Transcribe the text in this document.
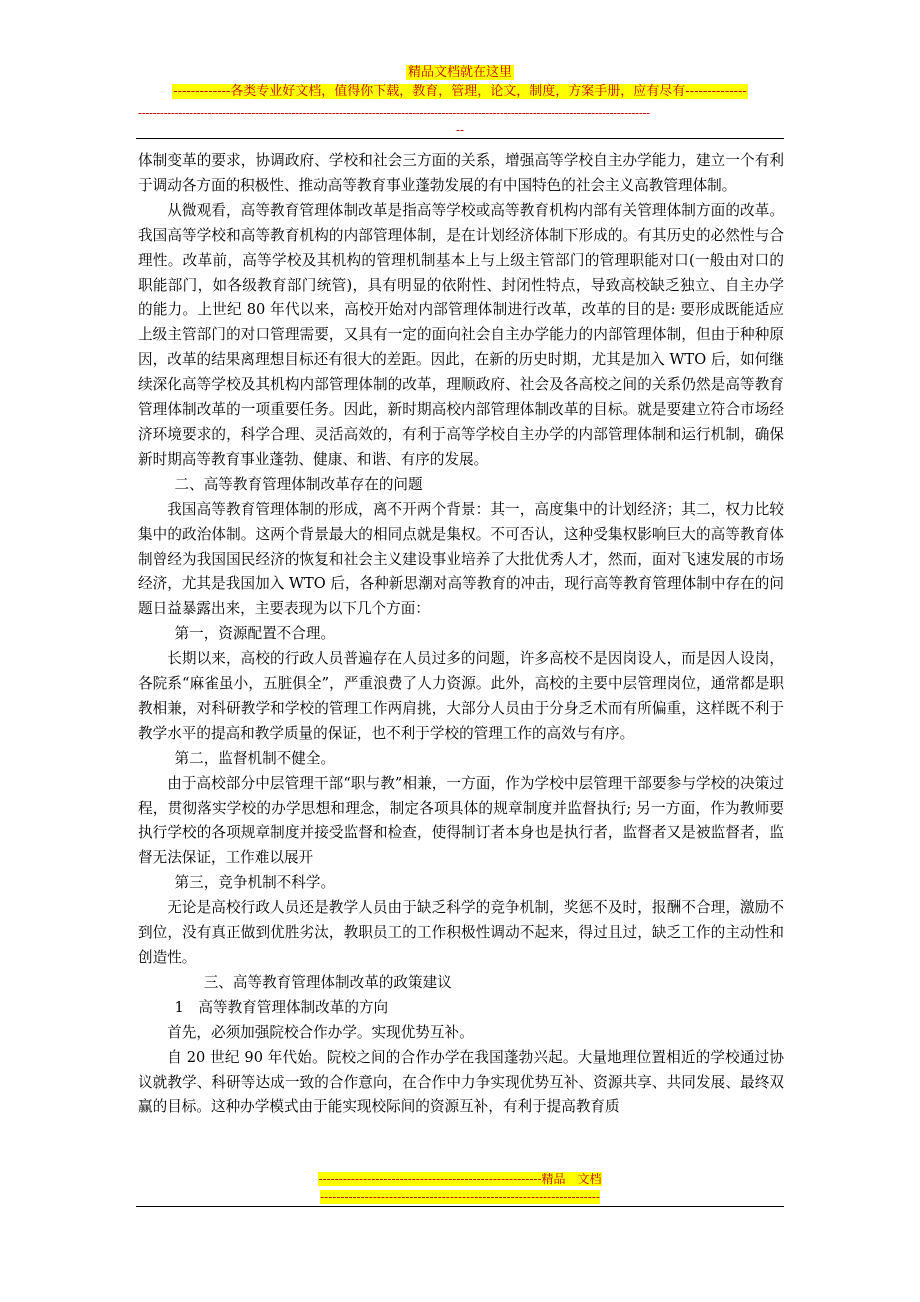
精品文档就在这里
-------------各类专业好文档，值得你下载，教育，管理，论文，制度，方案手册，应有尽有--------------
--------------------------------------------------------------------------------------------------------------------------------------------
--

体制变革的要求，协调政府、学校和社会三方面的关系，增强高等学校自主办学能力，建立一个有利于调动各方面的积极性、推动高等教育事业蓬勃发展的有中国特色的社会主义高教管理体制。

从微观看，高等教育管理体制改革是指高等学校或高等教育机构内部有关管理体制方面的改革。我国高等学校和高等教育机构的内部管理体制，是在计划经济体制下形成的。有其历史的必然性与合理性。改革前，高等学校及其机构的管理机制基本上与上级主管部门的管理职能对口(一般由对口的职能部门，如各级教育部门统管)，具有明显的依附性、封闭性特点，导致高校缺乏独立、自主办学的能力。上世纪 80 年代以来，高校开始对内部管理体制进行改革，改革的目的是: 要形成既能适应上级主管部门的对口管理需要，又具有一定的面向社会自主办学能力的内部管理体制，但由于种种原因，改革的结果离理想目标还有很大的差距。因此，在新的历史时期，尤其是加入 WTO 后，如何继续深化高等学校及其机构内部管理体制的改革，理顺政府、社会及各高校之间的关系仍然是高等教育管理体制改革的一项重要任务。因此，新时期高校内部管理体制改革的目标。就是要建立符合市场经济环境要求的，科学合理、灵活高效的，有利于高等学校自主办学的内部管理体制和运行机制，确保新时期高等教育事业蓬勃、健康、和谐、有序的发展。

二、高等教育管理体制改革存在的问题

我国高等教育管理体制的形成，离不开两个背景：其一，高度集中的计划经济；其二，权力比较集中的政治体制。这两个背景最大的相同点就是集权。不可否认，这种受集权影响巨大的高等教育体制曾经为我国国民经济的恢复和社会主义建设事业培养了大批优秀人才，然而，面对飞速发展的市场经济，尤其是我国加入 WTO 后，各种新思潮对高等教育的冲击，现行高等教育管理体制中存在的问题日益暴露出来，主要表现为以下几个方面：

第一，资源配置不合理。

长期以来，高校的行政人员普遍存在人员过多的问题，许多高校不是因岗设人，而是因人设岗，各院系“麻雀虽小，五脏俱全”，严重浪费了人力资源。此外，高校的主要中层管理岗位，通常都是职教相兼，对科研教学和学校的管理工作两肩挑，大部分人员由于分身乏术而有所偏重，这样既不利于教学水平的提高和教学质量的保证，也不利于学校的管理工作的高效与有序。

第二，监督机制不健全。

由于高校部分中层管理干部“职与教”相兼，一方面，作为学校中层管理干部要参与学校的决策过程，贯彻落实学校的办学思想和理念，制定各项具体的规章制度并监督执行; 另一方面，作为教师要执行学校的各项规章制度并接受监督和检查，使得制订者本身也是执行者，监督者又是被监督者，监督无法保证，工作难以展开

第三，竞争机制不科学。

无论是高校行政人员还是教学人员由于缺乏科学的竞争机制，奖惩不及时，报酬不合理，激励不到位，没有真正做到优胜劣汰，教职员工的工作积极性调动不起来，得过且过，缺乏工作的主动性和创造性。

三、高等教育管理体制改革的政策建议

1　高等教育管理体制改革的方向

首先，必须加强院校合作办学。实现优势互补。

自 20 世纪 90 年代始。院校之间的合作办学在我国蓬勃兴起。大量地理位置相近的学校通过协议就教学、科研等达成一致的合作意向，在合作中力争实现优势互补、资源共享、共同发展、最终双赢的目标。这种办学模式由于能实现校际间的资源互补，有利于提高教育质

-------------------------------------------------------精品　文档
---------------------------------------------------------------------
